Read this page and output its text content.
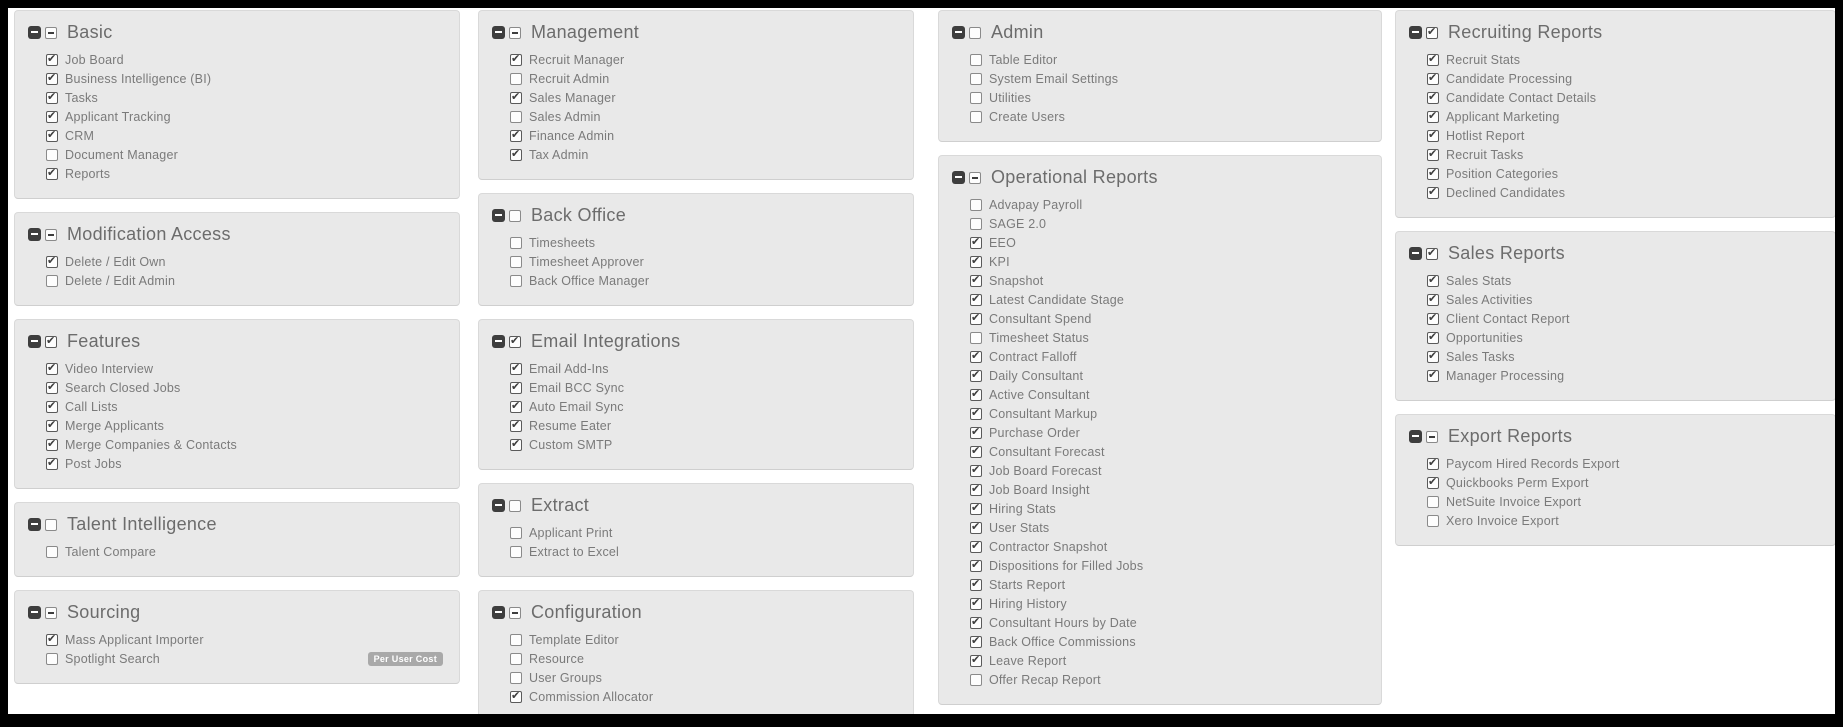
Basic
✔
Job Board
✔
Business Intelligence (BI)
✔
Tasks
✔
Applicant Tracking
✔
CRM
Document Manager
✔
Reports
Modification Access
✔
Delete / Edit Own
Delete / Edit Admin
✔
Features
✔
Video Interview
✔
Search Closed Jobs
✔
Call Lists
✔
Merge Applicants
✔
Merge Companies & Contacts
✔
Post Jobs
Talent Intelligence
Talent Compare
Sourcing
✔
Mass Applicant Importer
Spotlight Search	Per User Cost
Management
✔
Recruit Manager
Recruit Admin
✔
Sales Manager
Sales Admin
✔
Finance Admin
✔
Tax Admin
Back Office
Timesheets
Timesheet Approver
Back Office Manager
✔
Email Integrations
✔
Email Add-Ins
✔
Email BCC Sync
✔
Auto Email Sync
✔
Resume Eater
✔
Custom SMTP
Extract
Applicant Print
Extract to Excel
Configuration
Template Editor
Resource
User Groups
✔
Commission Allocator
Admin
Table Editor
System Email Settings
Utilities
Create Users
Operational Reports
Advapay Payroll
SAGE 2.0
✔
EEO
✔
KPI
✔
Snapshot
✔
Latest Candidate Stage
✔
Consultant Spend
Timesheet Status
✔
Contract Falloff
✔
Daily Consultant
✔
Active Consultant
✔
Consultant Markup
✔
Purchase Order
✔
Consultant Forecast
✔
Job Board Forecast
✔
Job Board Insight
✔
Hiring Stats
✔
User Stats
✔
Contractor Snapshot
✔
Dispositions for Filled Jobs
✔
Starts Report
✔
Hiring History
✔
Consultant Hours by Date
✔
Back Office Commissions
✔
Leave Report
Offer Recap Report
✔
Recruiting Reports
✔
Recruit Stats
✔
Candidate Processing
✔
Candidate Contact Details
✔
Applicant Marketing
✔
Hotlist Report
✔
Recruit Tasks
✔
Position Categories
✔
Declined Candidates
✔
Sales Reports
✔
Sales Stats
✔
Sales Activities
✔
Client Contact Report
✔
Opportunities
✔
Sales Tasks
✔
Manager Processing
Export Reports
✔
Paycom Hired Records Export
✔
Quickbooks Perm Export
NetSuite Invoice Export
Xero Invoice Export
